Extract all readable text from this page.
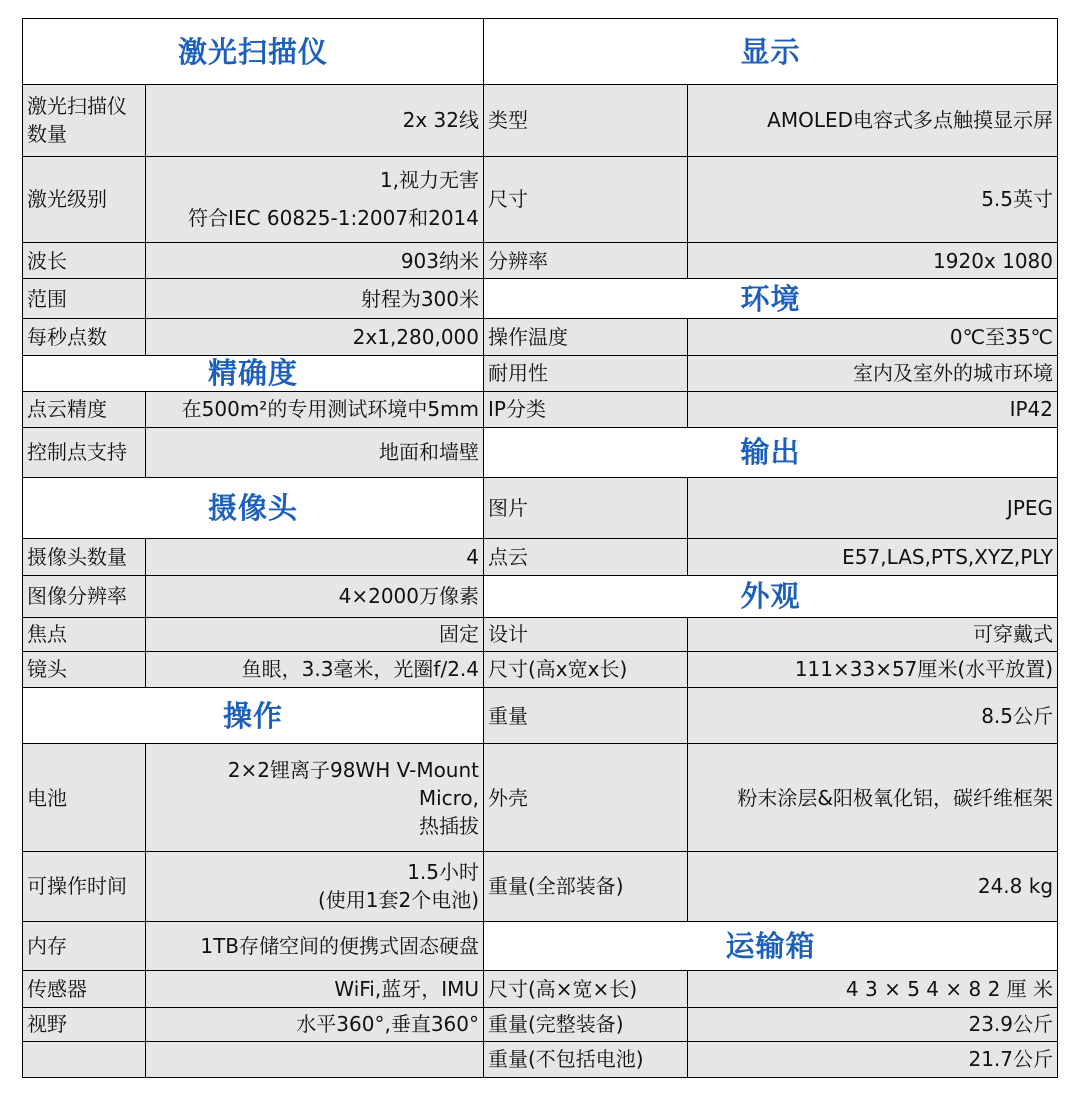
激光扫描仪	

激光扫描仪
数量	2x 32线
激光级别	1,视力无害
符合IEC 60825-1:2007和2014

波长	903纳米
范围	射程为300米
每秒点数	2x1,280,000
精确度	
点云精度	在500m²的专用测试环境中5mm
控制点支持	地面和墙壁
摄像头	
摄像头数量	4
图像分辨率	4×2000万像素
焦点	固定
镜头	鱼眼，3.3毫米，光圈f/2.4
操作	
电池	2×2锂离子98WH V-Mount
Micro,
热插拔

可操作时间	1.5小时
(使用1套2个电池)

内存	1TB存储空间的便携式固态硬盘
传感器	WiFi,蓝牙，IMU
视野	水平360°,垂直360°

显示	
类型	AMOLED电容式多点触摸显示屏
尺寸	5.5英寸
分辨率	1920x 1080
环境	
操作温度	0℃至35℃
耐用性	室内及室外的城市环境
IP分类	IP42
输出	
图片	JPEG
点云	E57,LAS,PTS,XYZ,PLY
外观	
设计	可穿戴式
尺寸(高x宽x长)	111×33×57厘米(水平放置)
重量	8.5公斤
外壳	粉末涂层&阳极氧化铝，碳纤维框架
重量(全部装备)	24.8 kg
运输箱	
尺寸(高×宽×长)	4 3 × 5 4 × 8 2 厘 米
重量(完整装备)	23.9公斤
重量(不包括电池)	21.7公斤
